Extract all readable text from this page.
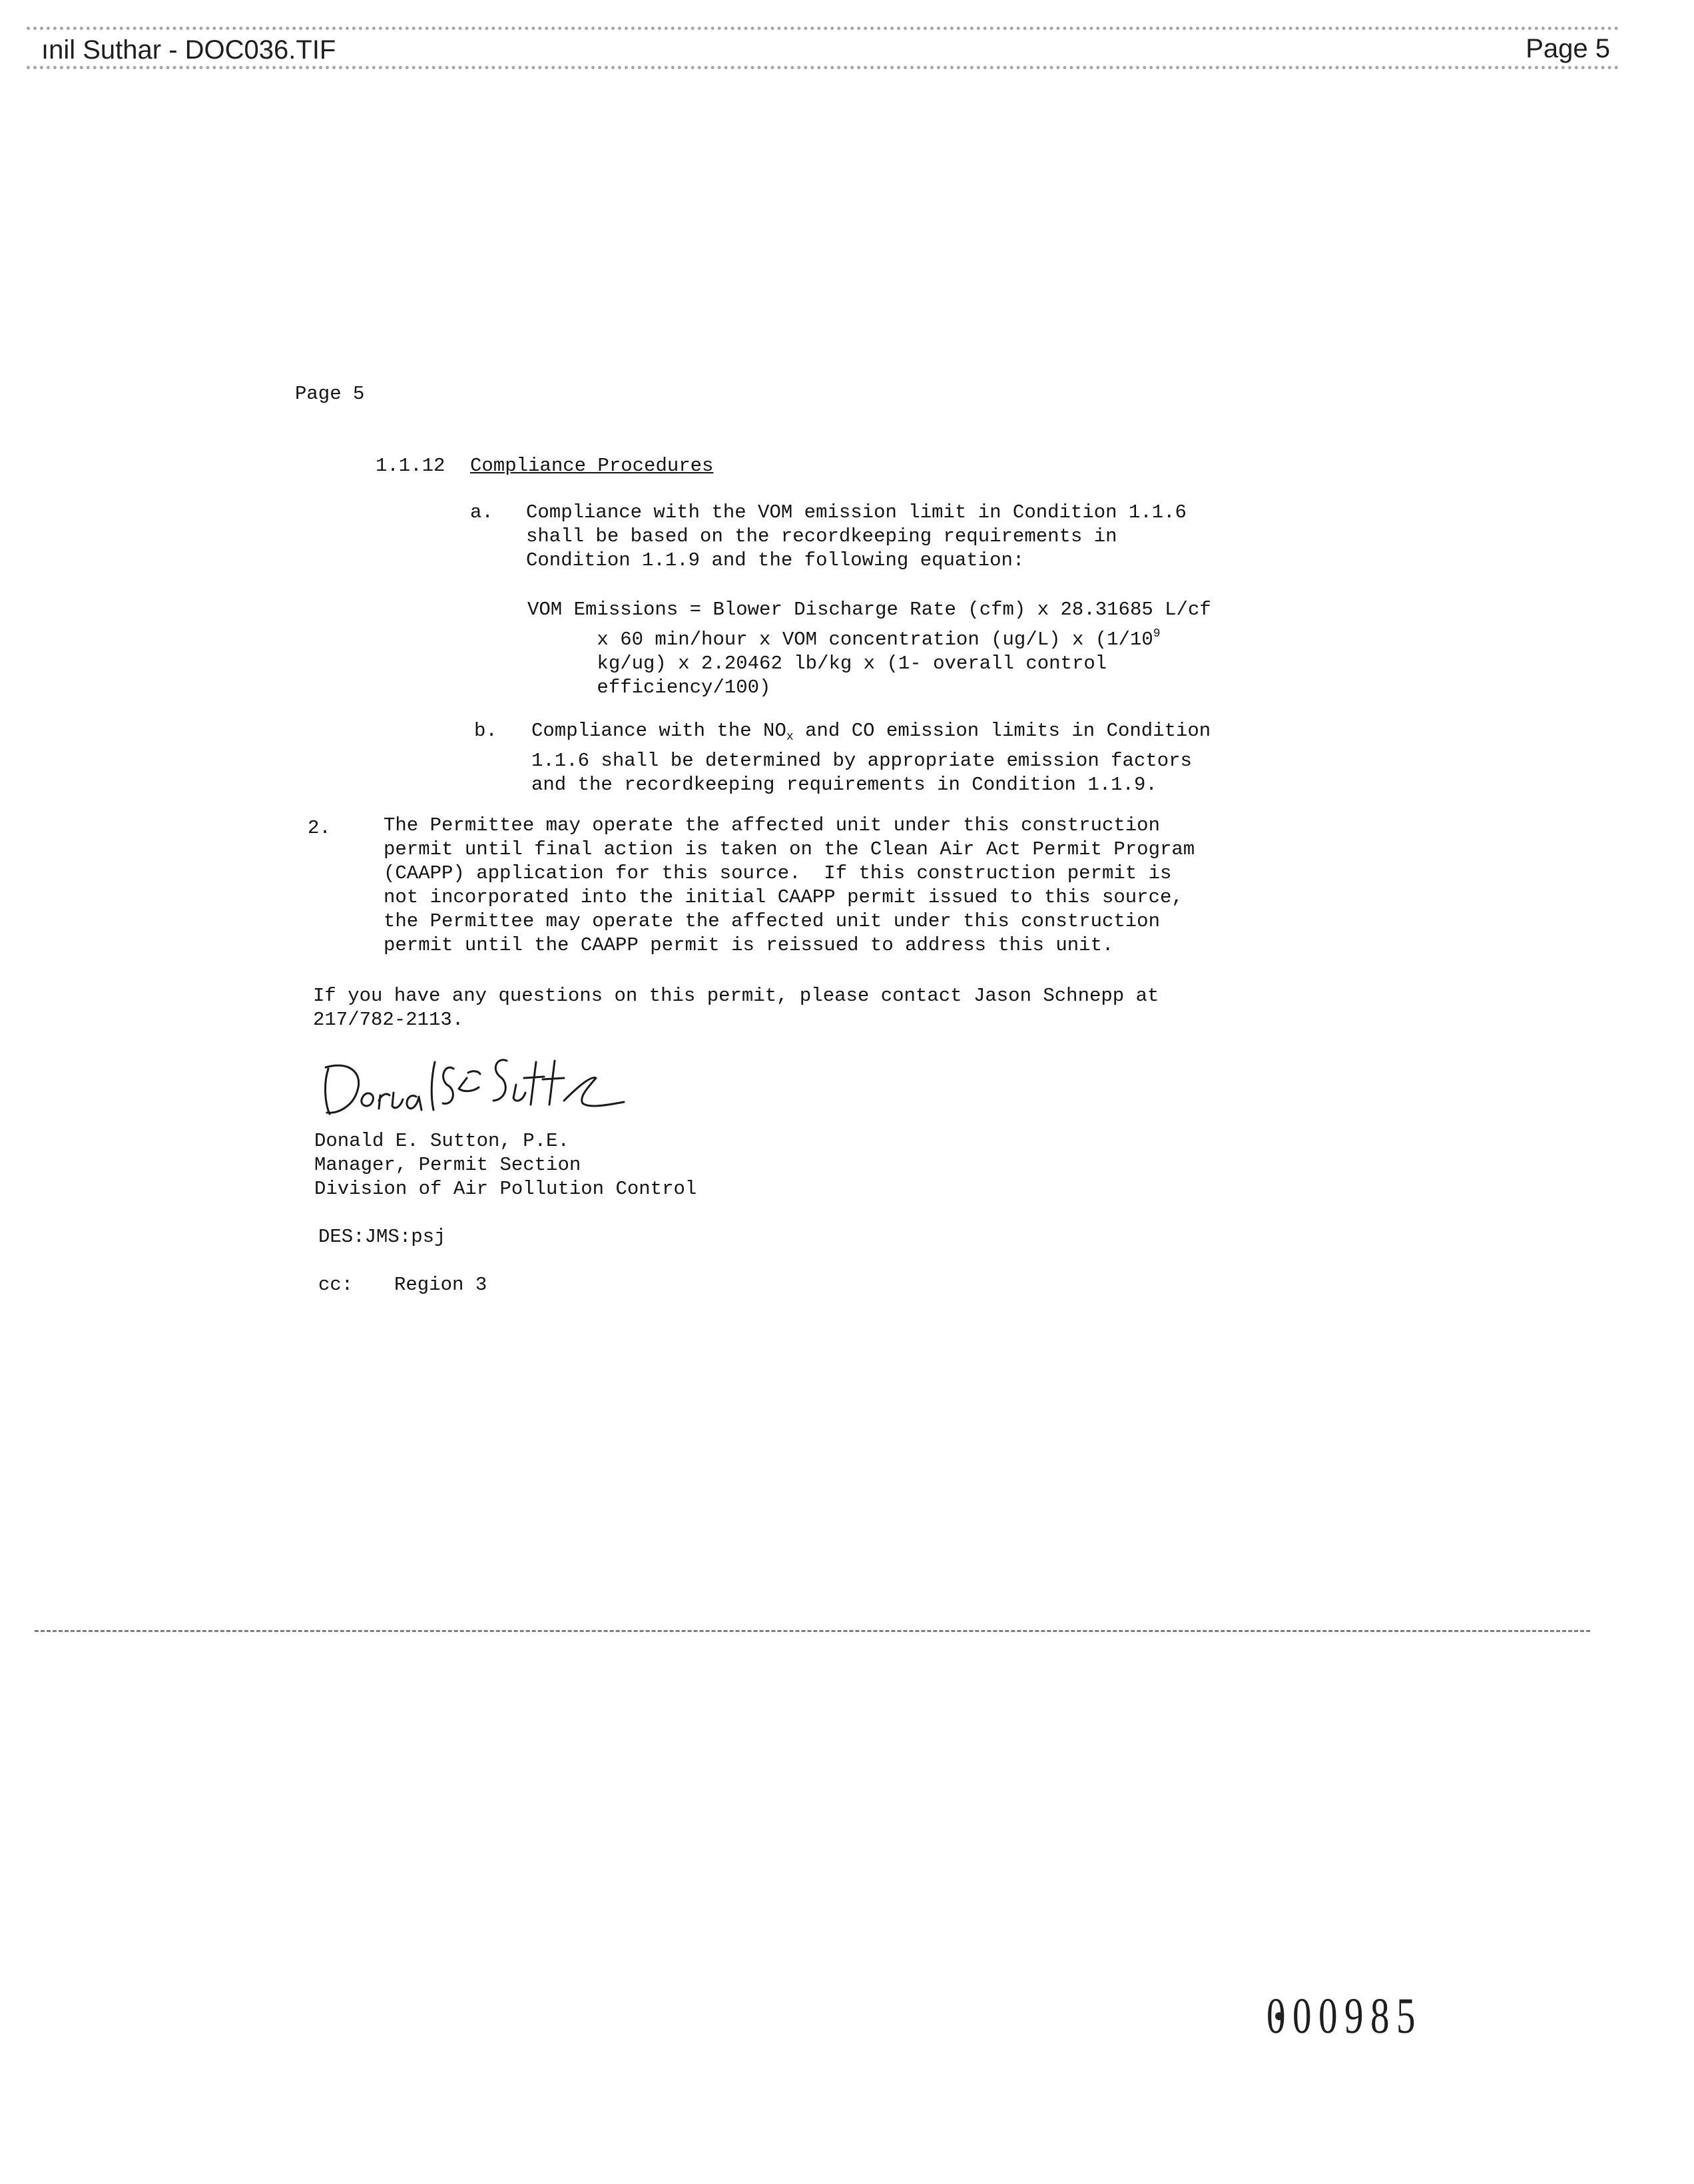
ınil Suthar - DOC036.TIF	Page 5
Page 5
1.1.12 Compliance Procedures
a. Compliance with the VOM emission limit in Condition 1.1.6
shall be based on the recordkeeping requirements in
Condition 1.1.9 and the following equation:
VOM Emissions = Blower Discharge Rate (cfm) x 28.31685 L/cf
x 60 min/hour x VOM concentration (ug/L) x ($1/10^9$
kg/ug) x 2.20462 lb/kg x (1- overall control
efficiency/100)
b. Compliance with the $NO_x$ and CO emission limits in Condition
1.1.6 shall be determined by appropriate emission factors
and the recordkeeping requirements in Condition 1.1.9.
2.	The Permittee may operate the affected unit under this construction
permit until final action is taken on the Clean Air Act Permit Program
(CAAPP) application for this source.  If this construction permit is
not incorporated into the initial CAAPP permit issued to this source,
the Permittee may operate the affected unit under this construction
permit until the CAAPP permit is reissued to address this unit.
If you have any questions on this permit, please contact Jason Schnepp at
217/782-2113.
Donald E. Sutton, P.E.
Manager, Permit Section
Division of Air Pollution Control
DES:JMS:psj
cc: Region 3
000985
